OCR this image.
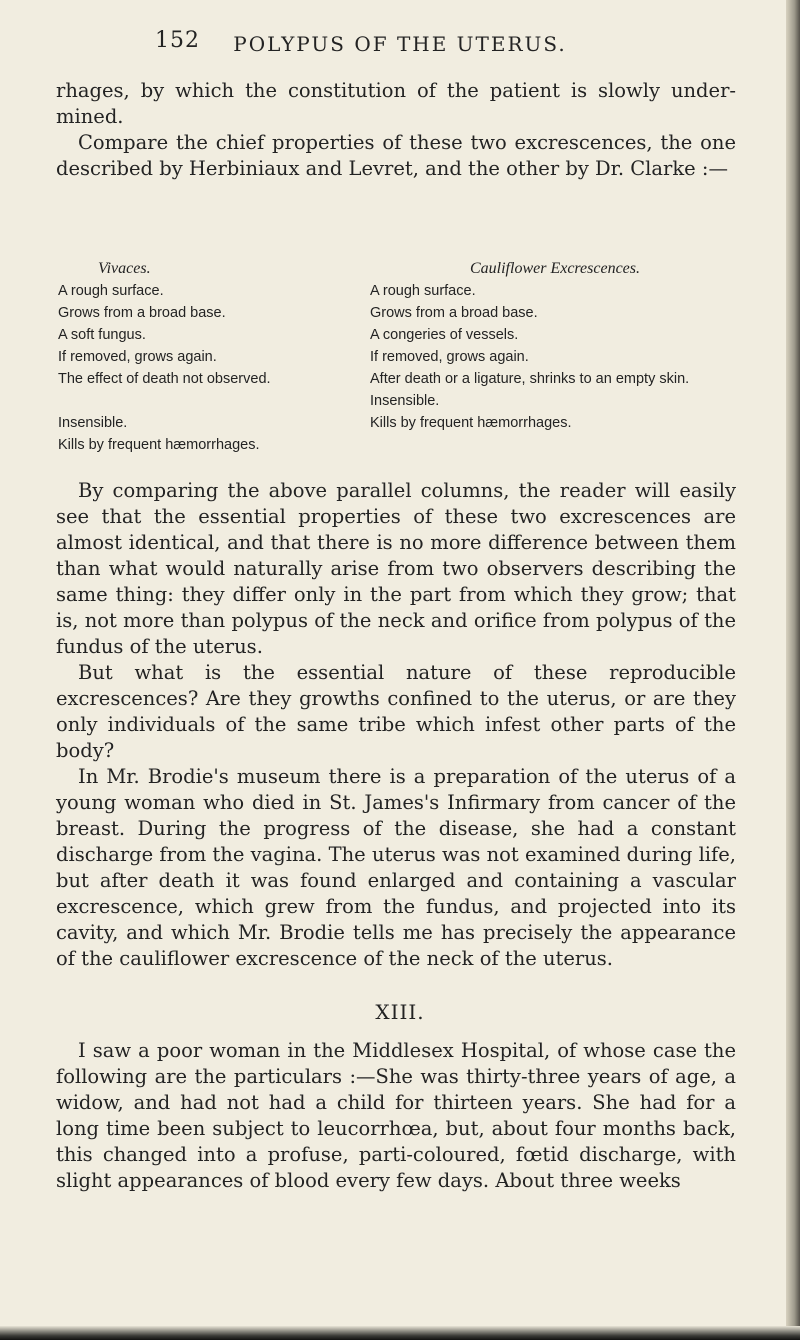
152	POLYPUS OF THE UTERUS.

rhages, by which the constitution of the patient is slowly under-mined.

Compare the chief properties of these two excrescences, the one described by Herbiniaux and Levret, and the other by Dr. Clarke :—

Vivaces.
A rough surface.
Grows from a broad base.
A soft fungus.
If removed, grows again.
The effect of death not observed.
Insensible.
Kills by frequent hæmorrhages.
Cauliflower Excrescences.
A rough surface.
Grows from a broad base.
A congeries of vessels.
If removed, grows again.
After death or a ligature, shrinks to an empty skin.
Insensible.
Kills by frequent hæmorrhages.

By comparing the above parallel columns, the reader will easily see that the essential properties of these two excrescences are almost identical, and that there is no more difference between them than what would naturally arise from two observers describing the same thing: they differ only in the part from which they grow; that is, not more than polypus of the neck and orifice from polypus of the fundus of the uterus.

But what is the essential nature of these reproducible excrescences? Are they growths confined to the uterus, or are they only individuals of the same tribe which infest other parts of the body?

In Mr. Brodie's museum there is a preparation of the uterus of a young woman who died in St. James's Infirmary from cancer of the breast. During the progress of the disease, she had a constant discharge from the vagina. The uterus was not examined during life, but after death it was found enlarged and containing a vascular excrescence, which grew from the fundus, and projected into its cavity, and which Mr. Brodie tells me has precisely the appearance of the cauliflower excrescence of the neck of the uterus.

XIII.

I saw a poor woman in the Middlesex Hospital, of whose case the following are the particulars :—She was thirty-three years of age, a widow, and had not had a child for thirteen years. She had for a long time been subject to leucorrhœa, but, about four months back, this changed into a profuse, parti-coloured, fœtid discharge, with slight appearances of blood every few days. About three weeks
